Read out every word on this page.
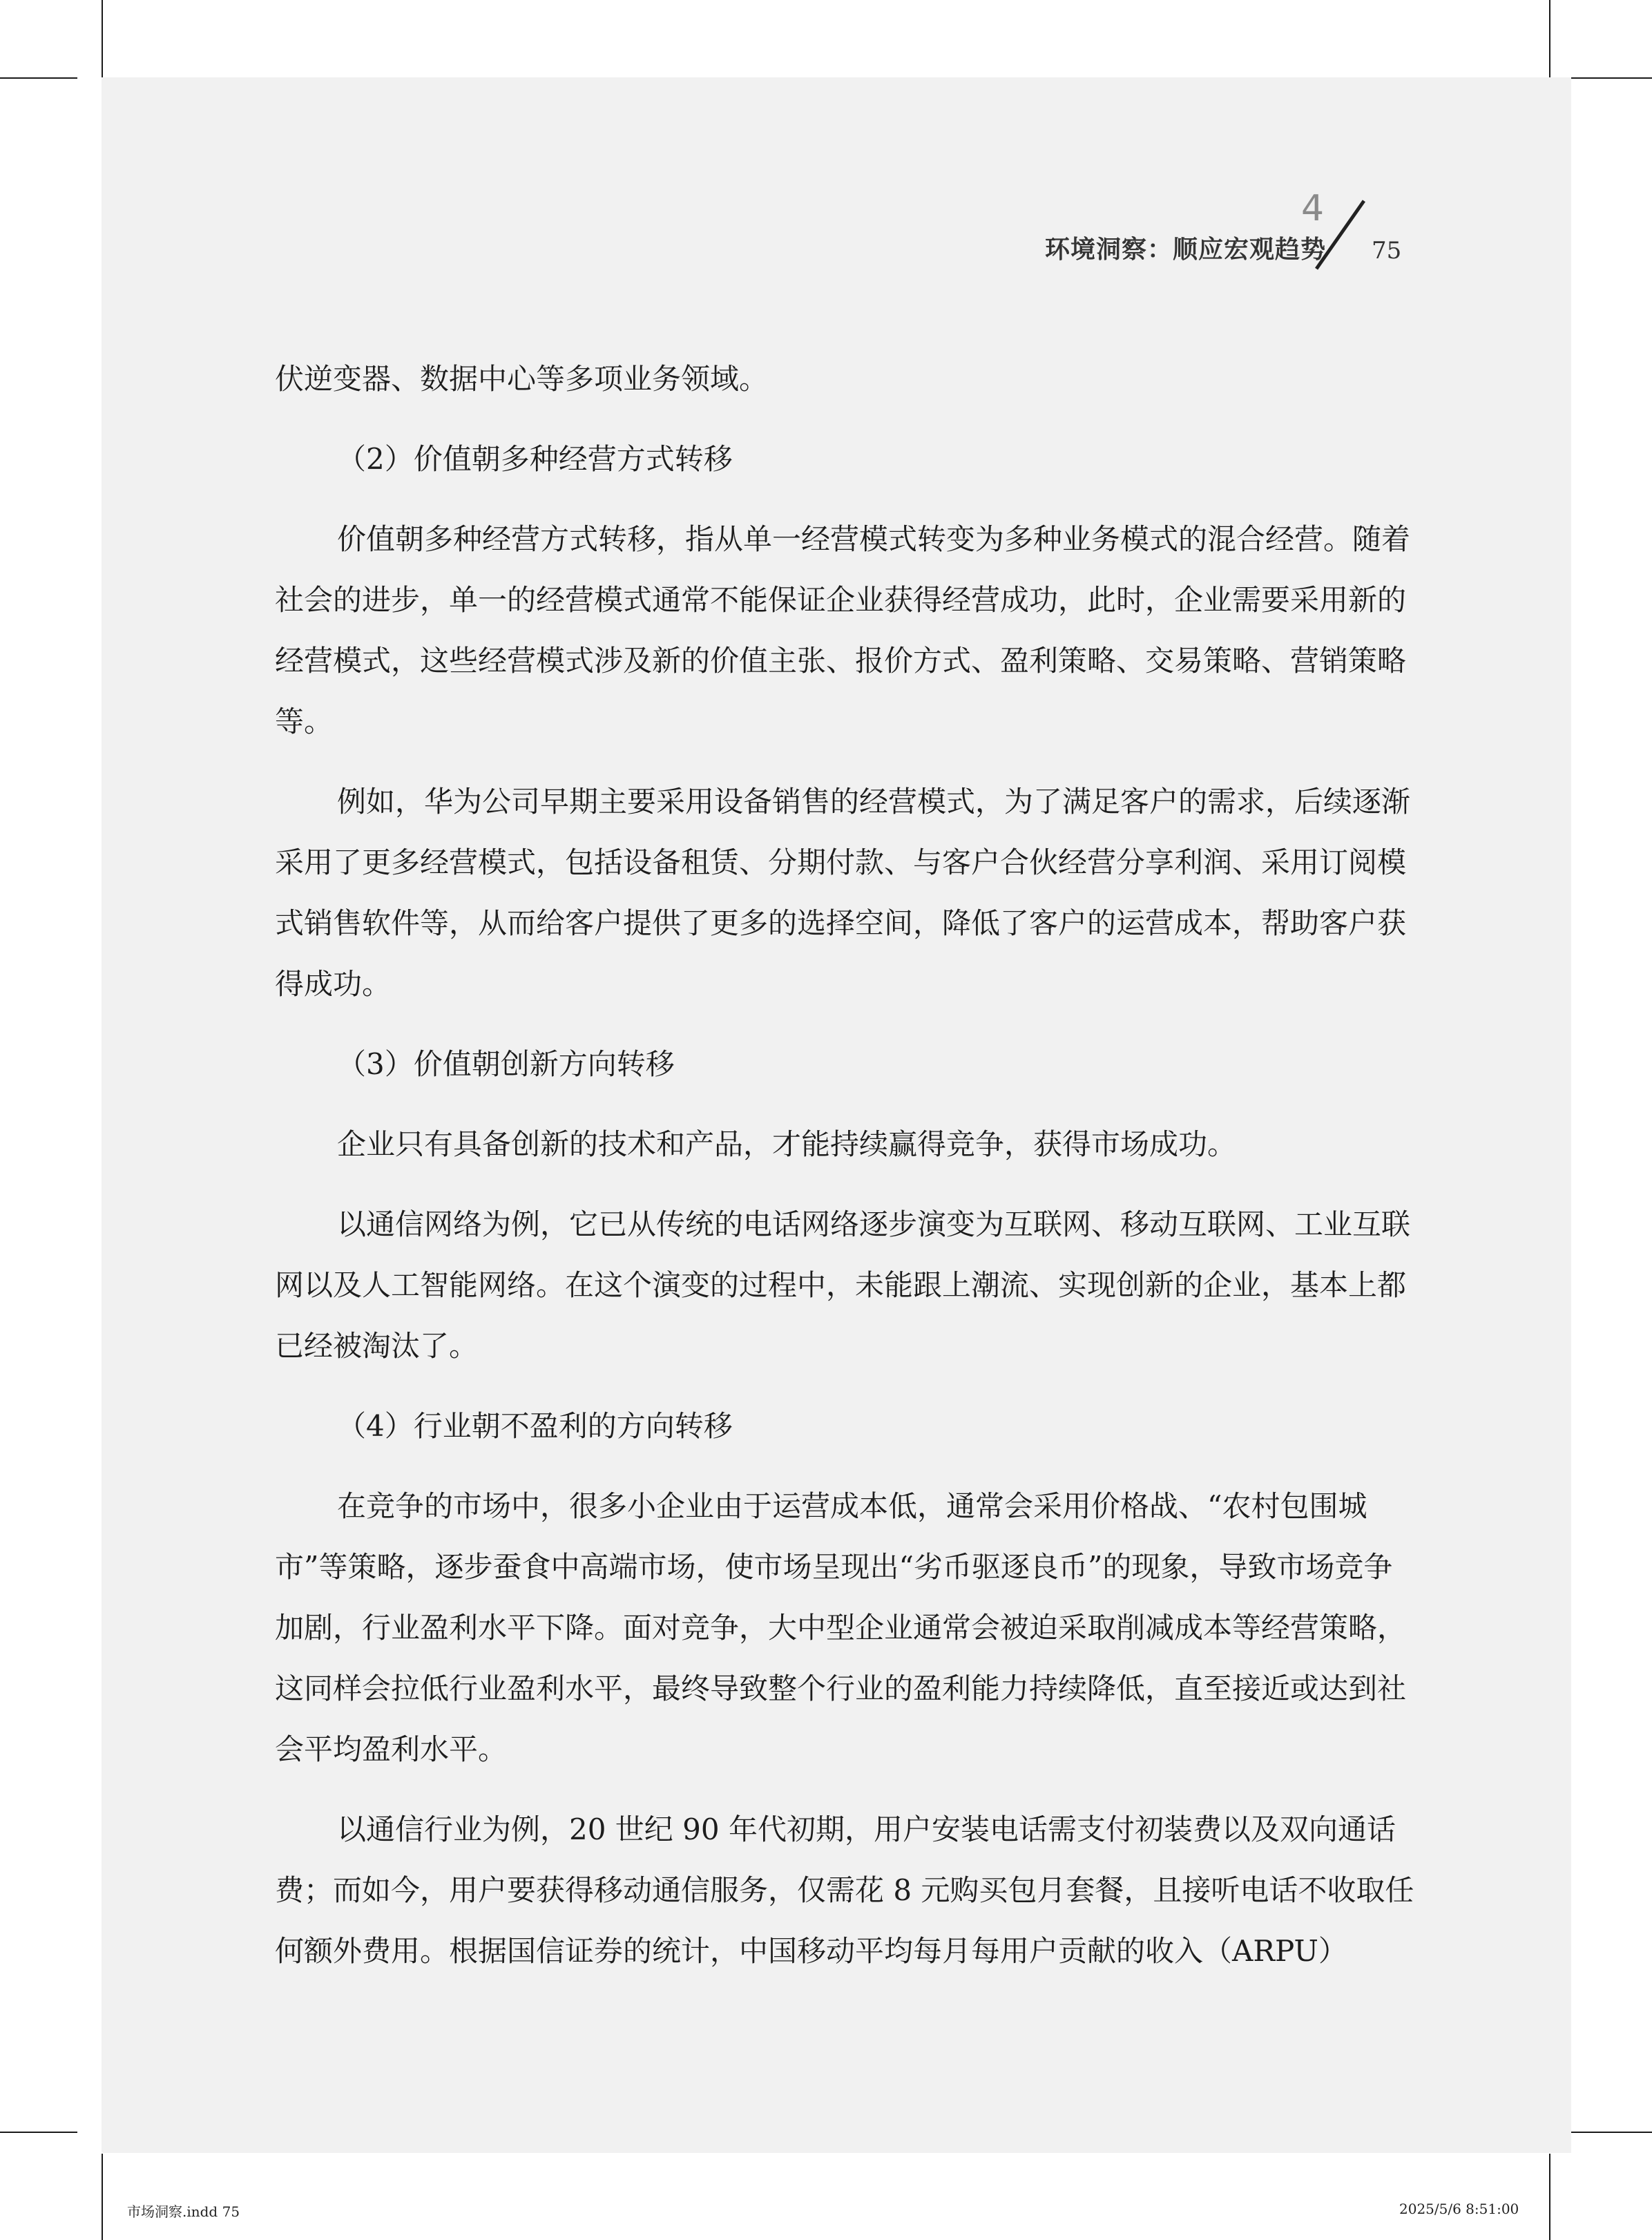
4
环境洞察：顺应宏观趋势 75

伏逆变器、数据中心等多项业务领域。

（2）价值朝多种经营方式转移

价值朝多种经营方式转移，指从单一经营模式转变为多种业务模式的混合经营。随着社会的进步，单一的经营模式通常不能保证企业获得经营成功，此时，企业需要采用新的经营模式，这些经营模式涉及新的价值主张、报价方式、盈利策略、交易策略、营销策略等。

例如，华为公司早期主要采用设备销售的经营模式，为了满足客户的需求，后续逐渐采用了更多经营模式，包括设备租赁、分期付款、与客户合伙经营分享利润、采用订阅模式销售软件等，从而给客户提供了更多的选择空间，降低了客户的运营成本，帮助客户获得成功。

（3）价值朝创新方向转移

企业只有具备创新的技术和产品，才能持续赢得竞争，获得市场成功。

以通信网络为例，它已从传统的电话网络逐步演变为互联网、移动互联网、工业互联网以及人工智能网络。在这个演变的过程中，未能跟上潮流、实现创新的企业，基本上都已经被淘汰了。

（4）行业朝不盈利的方向转移

在竞争的市场中，很多小企业由于运营成本低，通常会采用价格战、“农村包围城市”等策略，逐步蚕食中高端市场，使市场呈现出“劣币驱逐良币”的现象，导致市场竞争加剧，行业盈利水平下降。面对竞争，大中型企业通常会被迫采取削减成本等经营策略，这同样会拉低行业盈利水平，最终导致整个行业的盈利能力持续降低，直至接近或达到社会平均盈利水平。

以通信行业为例，20 世纪 90 年代初期，用户安装电话需支付初装费以及双向通话费；而如今，用户要获得移动通信服务，仅需花 8 元购买包月套餐，且接听电话不收取任何额外费用。根据国信证券的统计，中国移动平均每月每用户贡献的收入（ARPU）

市场洞察.indd 75	2025/5/6 8:51:00
